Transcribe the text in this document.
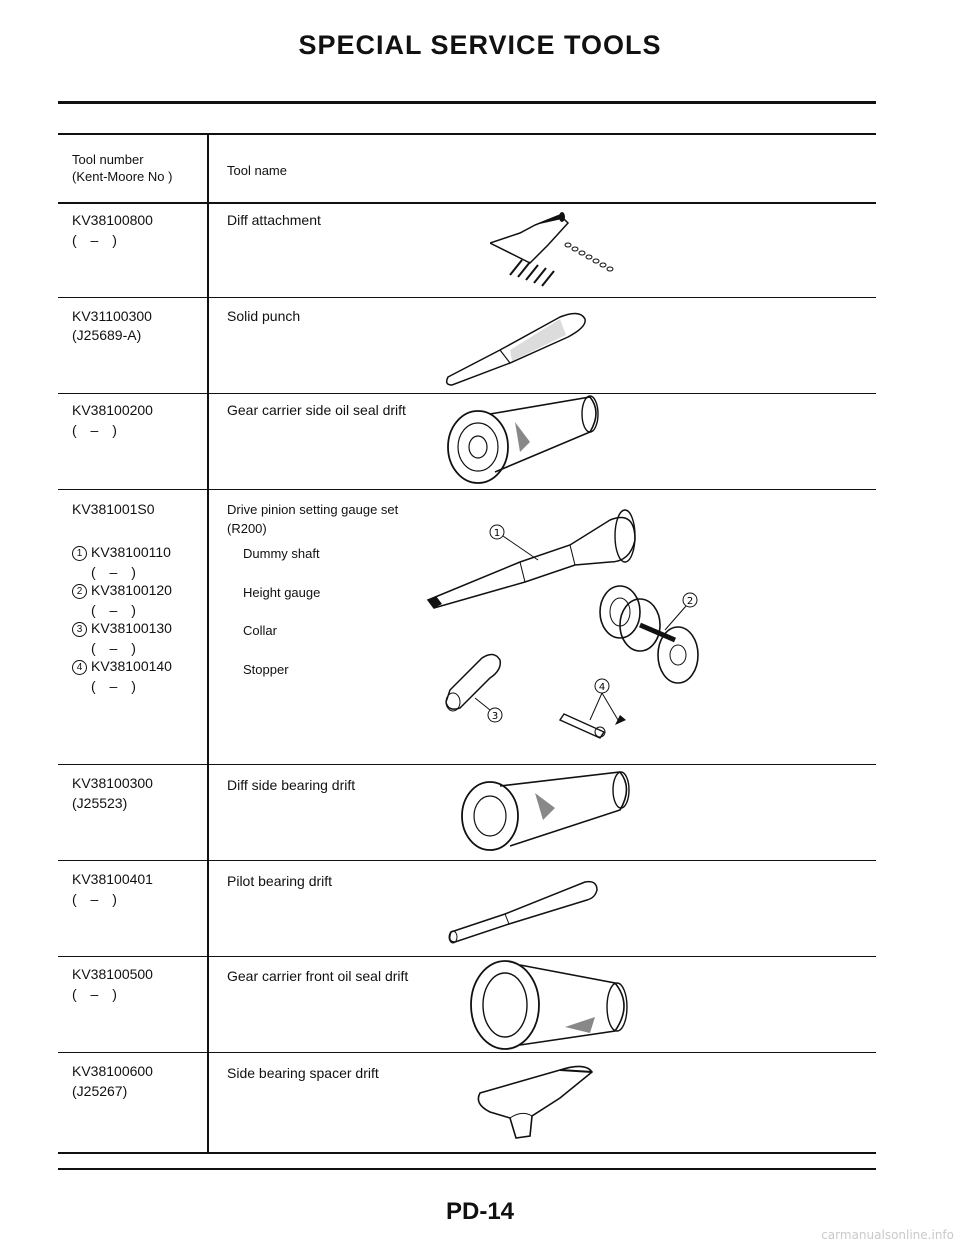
SPECIAL SERVICE TOOLS
Tool number
(Kent-Moore No )	Tool name
KV38100800
( – )
Diff attachment
KV31100300
(J25689-A)
Solid punch
KV38100200
( – )
Gear carrier side oil seal drift
KV381001S0	Drive pinion setting gauge set
(R200)
1 KV38100110
( – )
2 KV38100120
( – )
3 KV38100130
( – )
4 KV38100140
( – )
Dummy shaft
Height gauge
Collar
Stopper
1
2
3
4
KV38100300
(J25523)
Diff side bearing drift
KV38100401
( – )
Pilot bearing drift
KV38100500
( – )
Gear carrier front oil seal drift
KV38100600
(J25267)
Side bearing spacer drift
PD-14
carmanualsonline.info
